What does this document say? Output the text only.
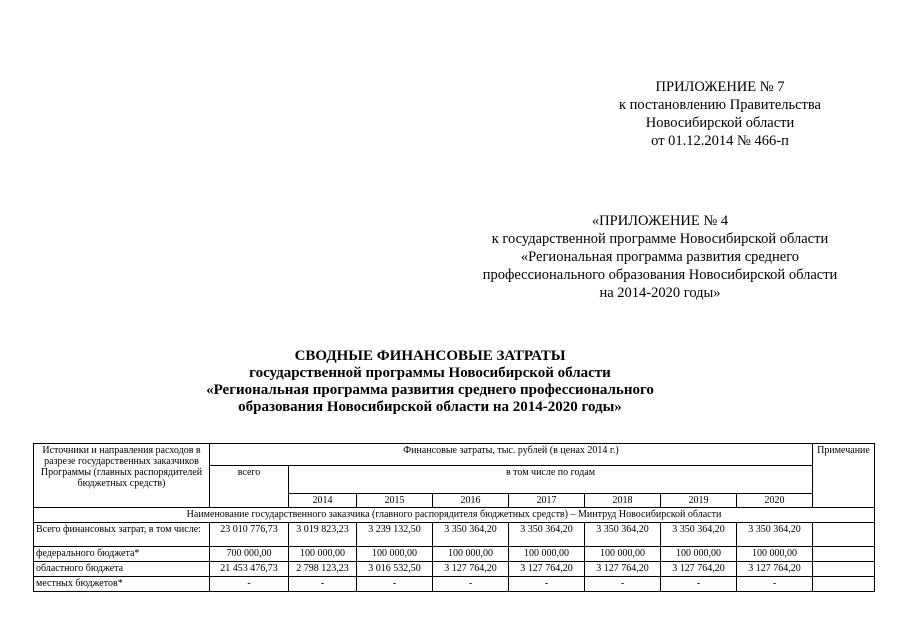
ПРИЛОЖЕНИЕ № 7
к постановлению Правительства
Новосибирской области
от 01.12.2014 № 466-п
«ПРИЛОЖЕНИЕ № 4
к государственной программе Новосибирской области
«Региональная программа развития среднего
профессионального образования Новосибирской области
на 2014-2020 годы»
СВОДНЫЕ ФИНАНСОВЫЕ ЗАТРАТЫ
государственной программы Новосибирской области
«Региональная программа развития среднего профессионального
образования Новосибирской области на 2014-2020 годы»
Источники и направления расходов в разрезе государственных заказчиков Программы (главных распорядителей бюджетных средств)	Финансовые затраты, тыс. рублей (в ценах 2014 г.)								Примечание
	всего	в том числе по годам							
		2014	2015	2016	2017	2018	2019	2020	
Наименование государственного заказчика (главного распорядителя бюджетных средств) – Минтруд Новосибирской области									
Всего финансовых затрат, в том числе:	23 010 776,73	3 019 823,23	3 239 132,50	3 350 364,20	3 350 364,20	3 350 364,20	3 350 364,20	3 350 364,20	
федерального бюджета*	700 000,00	100 000,00	100 000,00	100 000,00	100 000,00	100 000,00	100 000,00	100 000,00	
областного бюджета	21 453 476,73	2 798 123,23	3 016 532,50	3 127 764,20	3 127 764,20	3 127 764,20	3 127 764,20	3 127 764,20	
местных бюджетов*	-	-	-	-	-	-	-	-	
